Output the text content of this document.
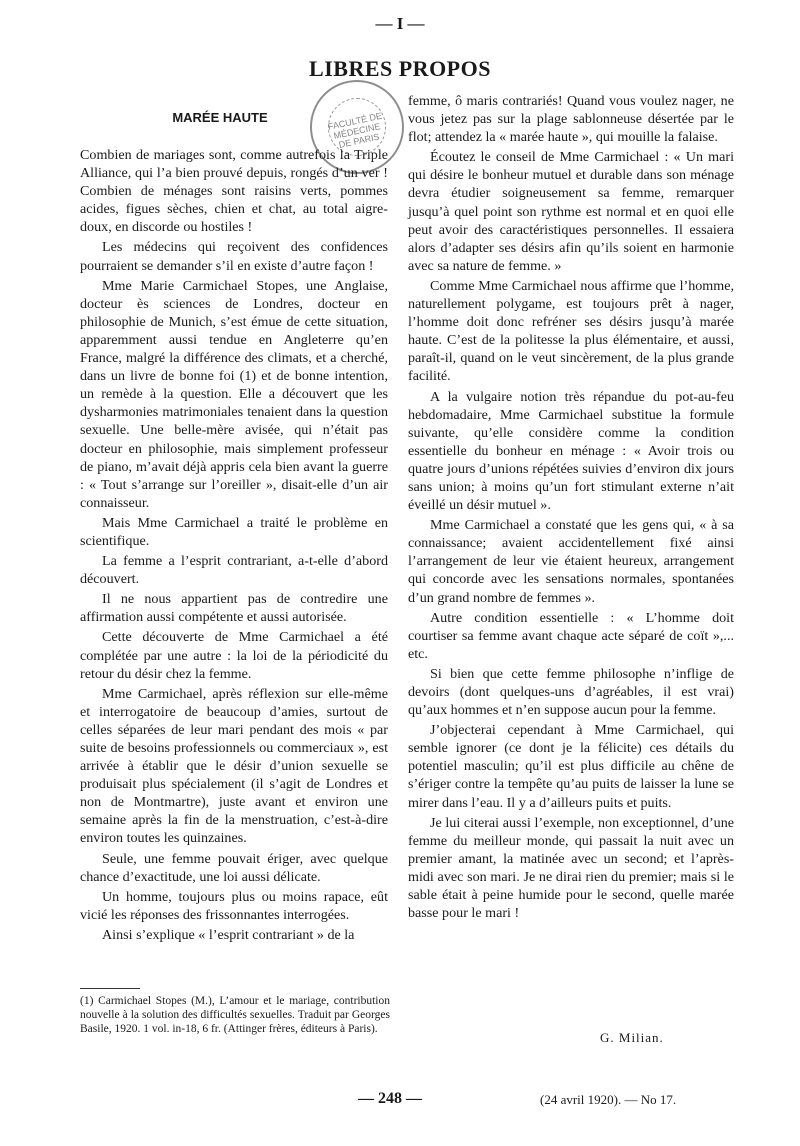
— I —
LIBRES PROPOS
MARÉE HAUTE	FACULTÉ DE MÉDECINE DE PARIS

Combien de mariages sont, comme autrefois la Triple Alliance, qui l’a bien prouvé depuis, rongés d’un ver ! Combien de ménages sont raisins verts, pommes acides, figues sèches, chien et chat, au total aigre-doux, en discorde ou hostiles !

Les médecins qui reçoivent des confidences pourraient se demander s’il en existe d’autre façon !

Mme Marie Carmichael Stopes, une Anglaise, docteur ès sciences de Londres, docteur en philosophie de Munich, s’est émue de cette situation, apparemment aussi tendue en Angleterre qu’en France, malgré la différence des climats, et a cherché, dans un livre de bonne foi (1) et de bonne intention, un remède à la question. Elle a découvert que les dysharmonies matrimoniales tenaient dans la question sexuelle. Une belle-mère avisée, qui n’était pas docteur en philosophie, mais simplement professeur de piano, m’avait déjà appris cela bien avant la guerre : « Tout s’arrange sur l’oreiller », disait-elle d’un air connaisseur.

Mais Mme Carmichael a traité le problème en scientifique.

La femme a l’esprit contrariant, a-t-elle d’abord découvert.

Il ne nous appartient pas de contredire une affirmation aussi compétente et aussi autorisée.

Cette découverte de Mme Carmichael a été complétée par une autre : la loi de la périodicité du retour du désir chez la femme.

Mme Carmichael, après réflexion sur elle-même et interrogatoire de beaucoup d’amies, surtout de celles séparées de leur mari pendant des mois « par suite de besoins professionnels ou commerciaux », est arrivée à établir que le désir d’union sexuelle se produisait plus spécialement (il s’agit de Londres et non de Montmartre), juste avant et environ une semaine après la fin de la menstruation, c’est-à-dire environ toutes les quinzaines.

Seule, une femme pouvait ériger, avec quelque chance d’exactitude, une loi aussi délicate.

Un homme, toujours plus ou moins rapace, eût vicié les réponses des frissonnantes interrogées.

Ainsi s’explique « l’esprit contrariant » de la

femme, ô maris contrariés! Quand vous voulez nager, ne vous jetez pas sur la plage sablonneuse désertée par le flot; attendez la « marée haute », qui mouille la falaise.

Écoutez le conseil de Mme Carmichael : « Un mari qui désire le bonheur mutuel et durable dans son ménage devra étudier soigneusement sa femme, remarquer jusqu’à quel point son rythme est normal et en quoi elle peut avoir des caractéristiques personnelles. Il essaiera alors d’adapter ses désirs afin qu’ils soient en harmonie avec sa nature de femme. »

Comme Mme Carmichael nous affirme que l’homme, naturellement polygame, est toujours prêt à nager, l’homme doit donc refréner ses désirs jusqu’à marée haute. C’est de la politesse la plus élémentaire, et aussi, paraît-il, quand on le veut sincèrement, de la plus grande facilité.

A la vulgaire notion très répandue du pot-au-feu hebdomadaire, Mme Carmichael substitue la formule suivante, qu’elle considère comme la condition essentielle du bonheur en ménage : « Avoir trois ou quatre jours d’unions répétées suivies d’environ dix jours sans union; à moins qu’un fort stimulant externe n’ait éveillé un désir mutuel ».

Mme Carmichael a constaté que les gens qui, « à sa connaissance; avaient accidentellement fixé ainsi l’arrangement de leur vie étaient heureux, arrangement qui concorde avec les sensations normales, spontanées d’un grand nombre de femmes ».

Autre condition essentielle : « L’homme doit courtiser sa femme avant chaque acte séparé de coït »,... etc.

Si bien que cette femme philosophe n’inflige de devoirs (dont quelques-uns d’agréables, il est vrai) qu’aux hommes et n’en suppose aucun pour la femme.

J’objecterai cependant à Mme Carmichael, qui semble ignorer (ce dont je la félicite) ces détails du potentiel masculin; qu’il est plus difficile au chêne de s’ériger contre la tempête qu’au puits de laisser la lune se mirer dans l’eau. Il y a d’ailleurs puits et puits.

Je lui citerai aussi l’exemple, non exceptionnel, d’une femme du meilleur monde, qui passait la nuit avec un premier amant, la matinée avec un second; et l’après-midi avec son mari. Je ne dirai rien du premier; mais si le sable était à peine humide pour le second, quelle marée basse pour le mari !

(1) Carmichael Stopes (M.), L’amour et le mariage, contribution nouvelle à la solution des difficultés sexuelles. Traduit par Georges Basile, 1920. 1 vol. in-18, 6 fr. (Attinger frères, éditeurs à Paris).
G. Milian.
— 248 —	(24 avril 1920). — No 17.
